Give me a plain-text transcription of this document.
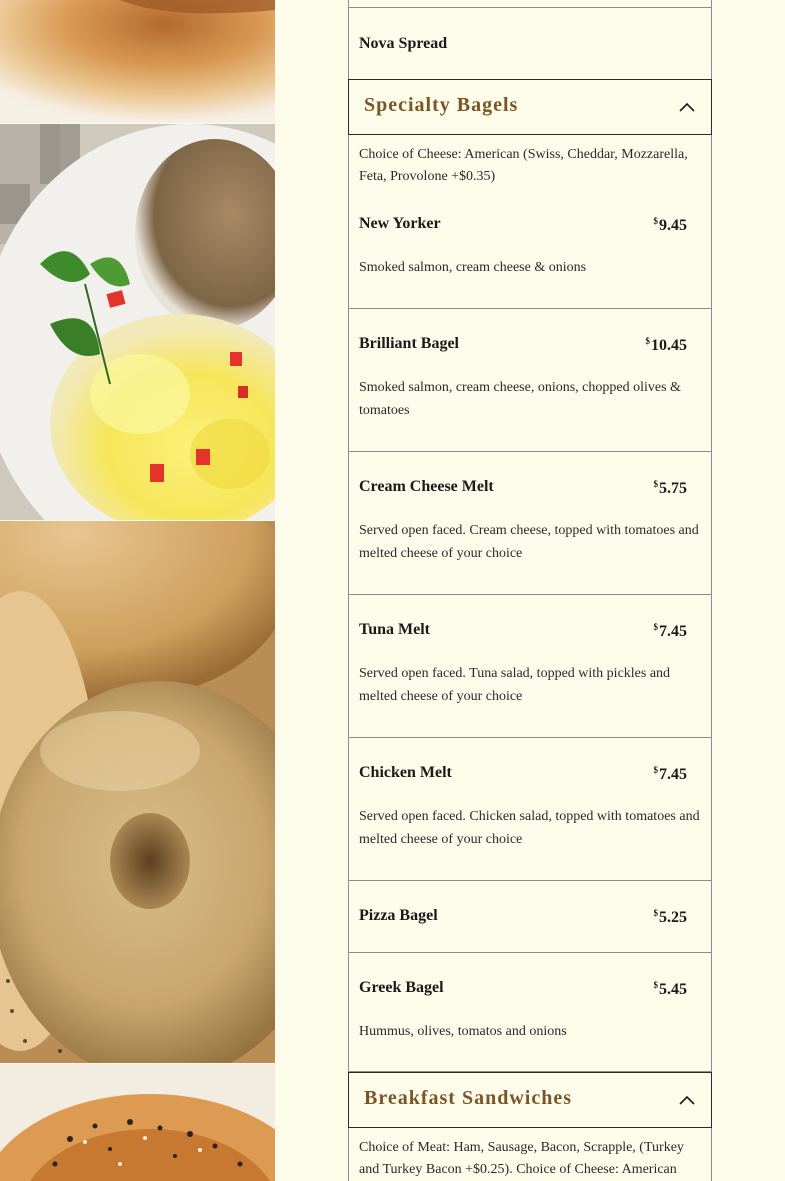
Nova Spread
Specialty Bagels
Choice of Cheese: American (Swiss, Cheddar, Mozzarella, Feta, Provolone +$0.35)
New Yorker	$9.45
Smoked salmon, cream cheese & onions
Brilliant Bagel	$10.45
Smoked salmon, cream cheese, onions, chopped olives & tomatoes
Cream Cheese Melt	$5.75
Served open faced. Cream cheese, topped with tomatoes and melted cheese of your choice
Tuna Melt	$7.45
Served open faced. Tuna salad, topped with pickles and melted cheese of your choice
Chicken Melt	$7.45
Served open faced. Chicken salad, topped with tomatoes and melted cheese of your choice
Pizza Bagel	$5.25
Greek Bagel	$5.45
Hummus, olives, tomatos and onions
Breakfast Sandwiches
Choice of Meat: Ham, Sausage, Bacon, Scrapple, (Turkey and Turkey Bacon +$0.25). Choice of Cheese: American
